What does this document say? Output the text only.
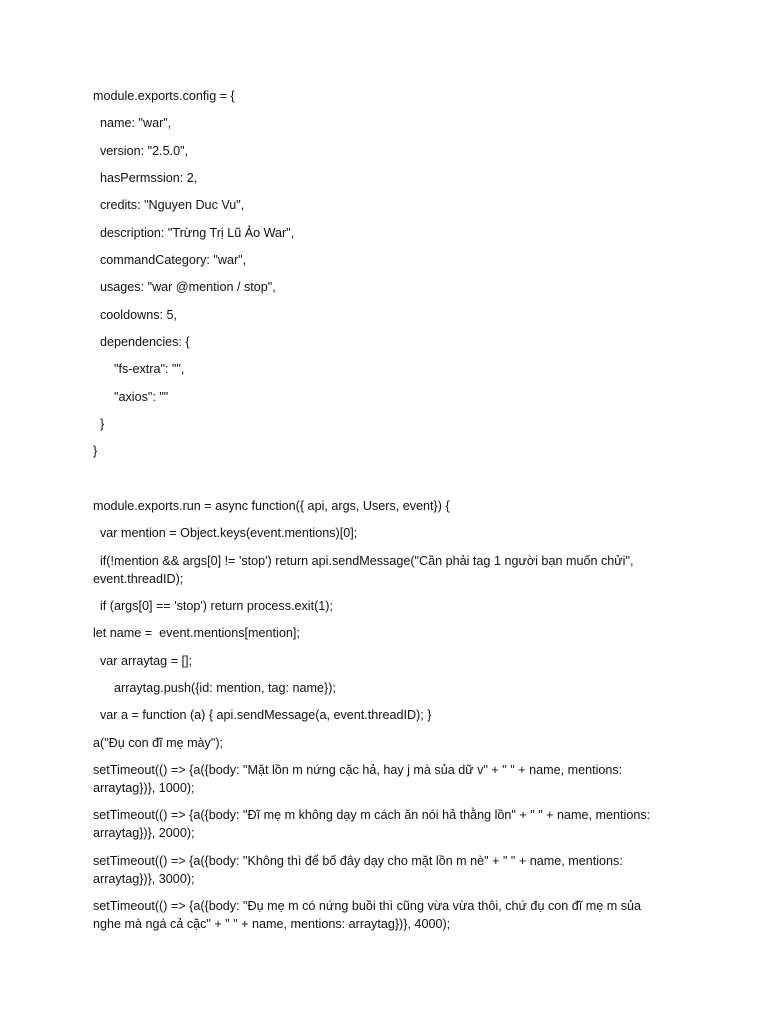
module.exports.config = {
name: "war",
version: "2.5.0",
hasPermssion: 2,
credits: "Nguyen Duc Vu",
description: "Trừng Trị Lũ Ảo War",
commandCategory: "war",
usages: "war @mention / stop",
cooldowns: 5,
dependencies: {
"fs-extra": "",
"axios": ""
}
}
module.exports.run = async function({ api, args, Users, event}) {
var mention = Object.keys(event.mentions)[0];
if(!mention && args[0] != 'stop') return api.sendMessage("Cần phải tag 1 người bạn muốn chửi",
event.threadID);
if (args[0] == 'stop') return process.exit(1);
let name =  event.mentions[mention];
var arraytag = [];
arraytag.push({id: mention, tag: name});
var a = function (a) { api.sendMessage(a, event.threadID); }
a("Đụ con đĩ mẹ mày");
setTimeout(() => {a({body: "Mặt lồn m nứng cặc hả, hay j mà sủa dữ v" + " " + name, mentions:
arraytag})}, 1000);
setTimeout(() => {a({body: "Đĩ mẹ m không dạy m cách ăn nói hả thằng lồn" + " " + name, mentions:
arraytag})}, 2000);
setTimeout(() => {a({body: "Không thì để bố đây dạy cho mặt lồn m nè" + " " + name, mentions:
arraytag})}, 3000);
setTimeout(() => {a({body: "Đụ mẹ m có nứng buồi thì cũng vừa vừa thôi, chứ đụ con đĩ mẹ m sủa
nghe mà ngá cả cặc" + " " + name, mentions: arraytag})}, 4000);
